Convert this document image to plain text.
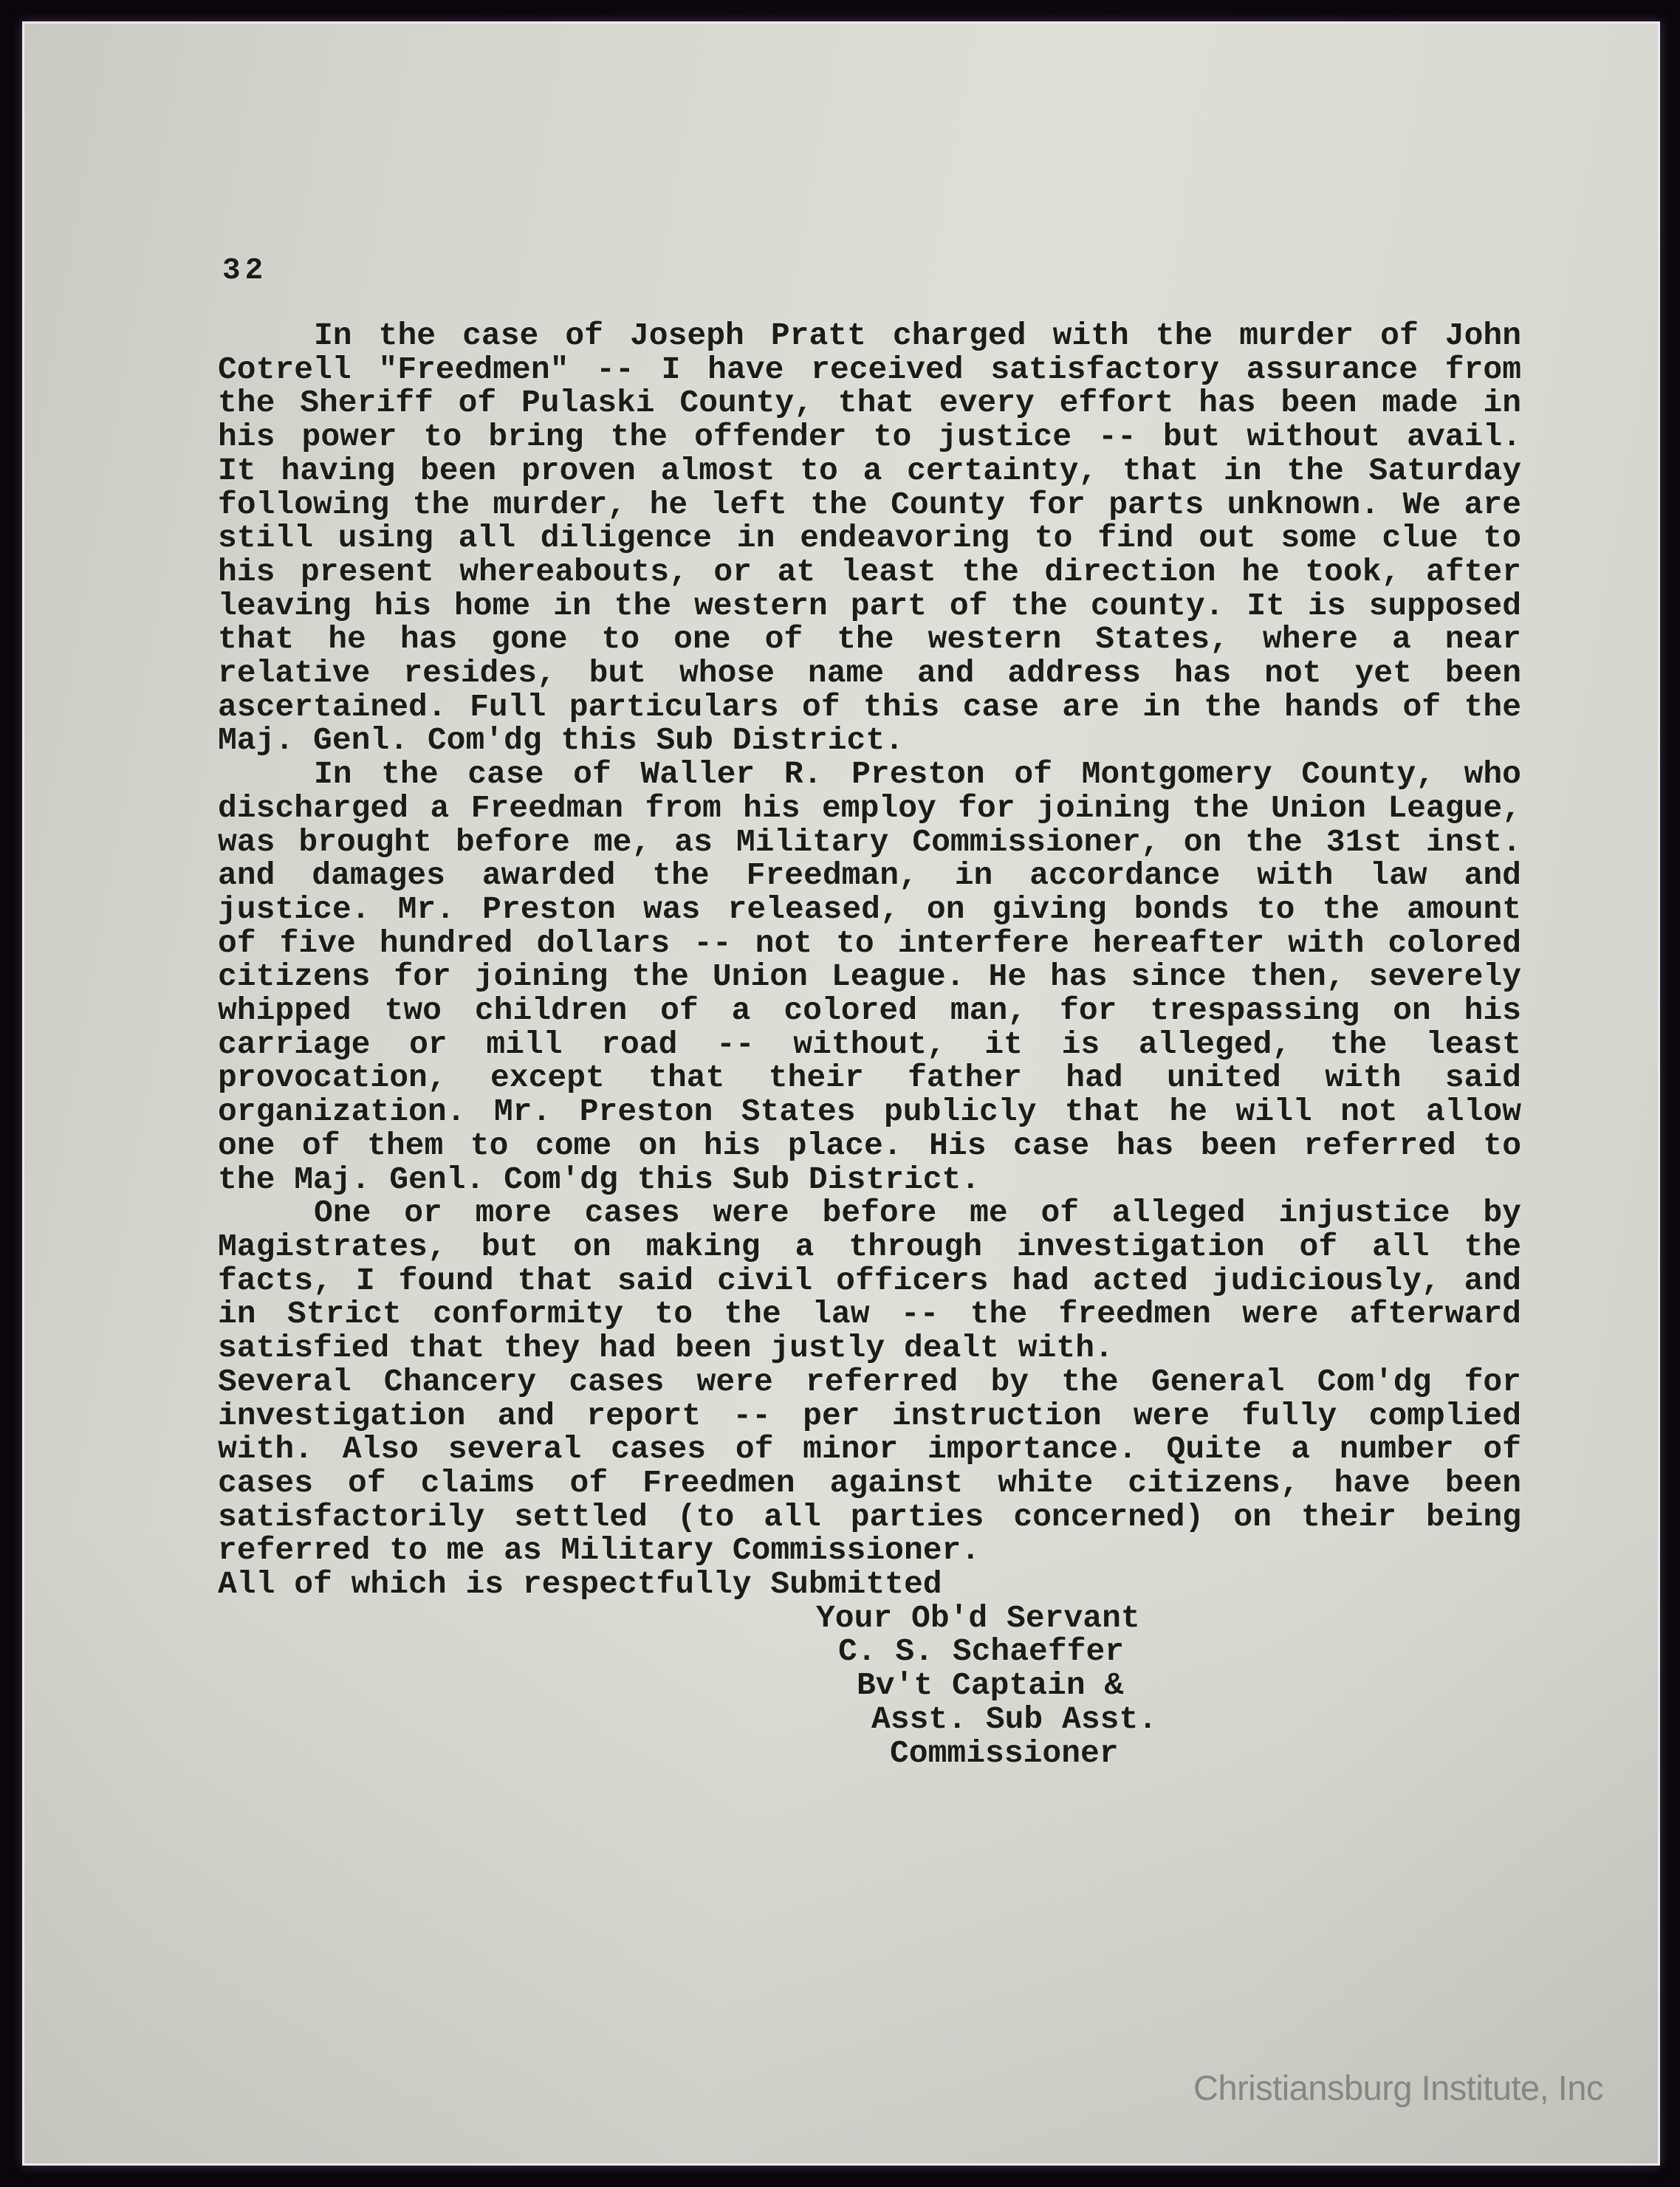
32
In the case of Joseph Pratt charged with the murder of John
Cotrell "Freedmen" -- I have received satisfactory assurance from
the Sheriff of Pulaski County, that every effort has been made in
his power to bring the offender to justice -- but without avail.
It having been proven almost to a certainty, that in the Saturday
following the murder, he left the County for parts unknown. We are
still using all diligence in endeavoring to find out some clue to
his present whereabouts, or at least the direction he took, after
leaving his home in the western part of the county. It is supposed
that he has gone to one of the western States, where a near
relative resides, but whose name and address has not yet been
ascertained. Full particulars of this case are in the hands of the
Maj. Genl. Com'dg this Sub District.
In the case of Waller R. Preston of Montgomery County, who
discharged a Freedman from his employ for joining the Union League,
was brought before me, as Military Commissioner, on the 31st inst.
and damages awarded the Freedman, in accordance with law and
justice. Mr. Preston was released, on giving bonds to the amount
of five hundred dollars -- not to interfere hereafter with colored
citizens for joining the Union League. He has since then, severely
whipped two children of a colored man, for trespassing on his
carriage or mill road -- without, it is alleged, the least
provocation, except that their father had united with said
organization. Mr. Preston States publicly that he will not allow
one of them to come on his place. His case has been referred to
the Maj. Genl. Com'dg this Sub District.
One or more cases were before me of alleged injustice by
Magistrates, but on making a through investigation of all the
facts, I found that said civil officers had acted judiciously, and
in Strict conformity to the law -- the freedmen were afterward
satisfied that they had been justly dealt with.
Several Chancery cases were referred by the General Com'dg for
investigation and report -- per instruction were fully complied
with. Also several cases of minor importance. Quite a number of
cases of claims of Freedmen against white citizens, have been
satisfactorily settled (to all parties concerned) on their being
referred to me as Military Commissioner.
All of which is respectfully Submitted
Your Ob'd Servant
C. S. Schaeffer
Bv't Captain &
Asst. Sub Asst.
Commissioner
Christiansburg Institute, Inc
